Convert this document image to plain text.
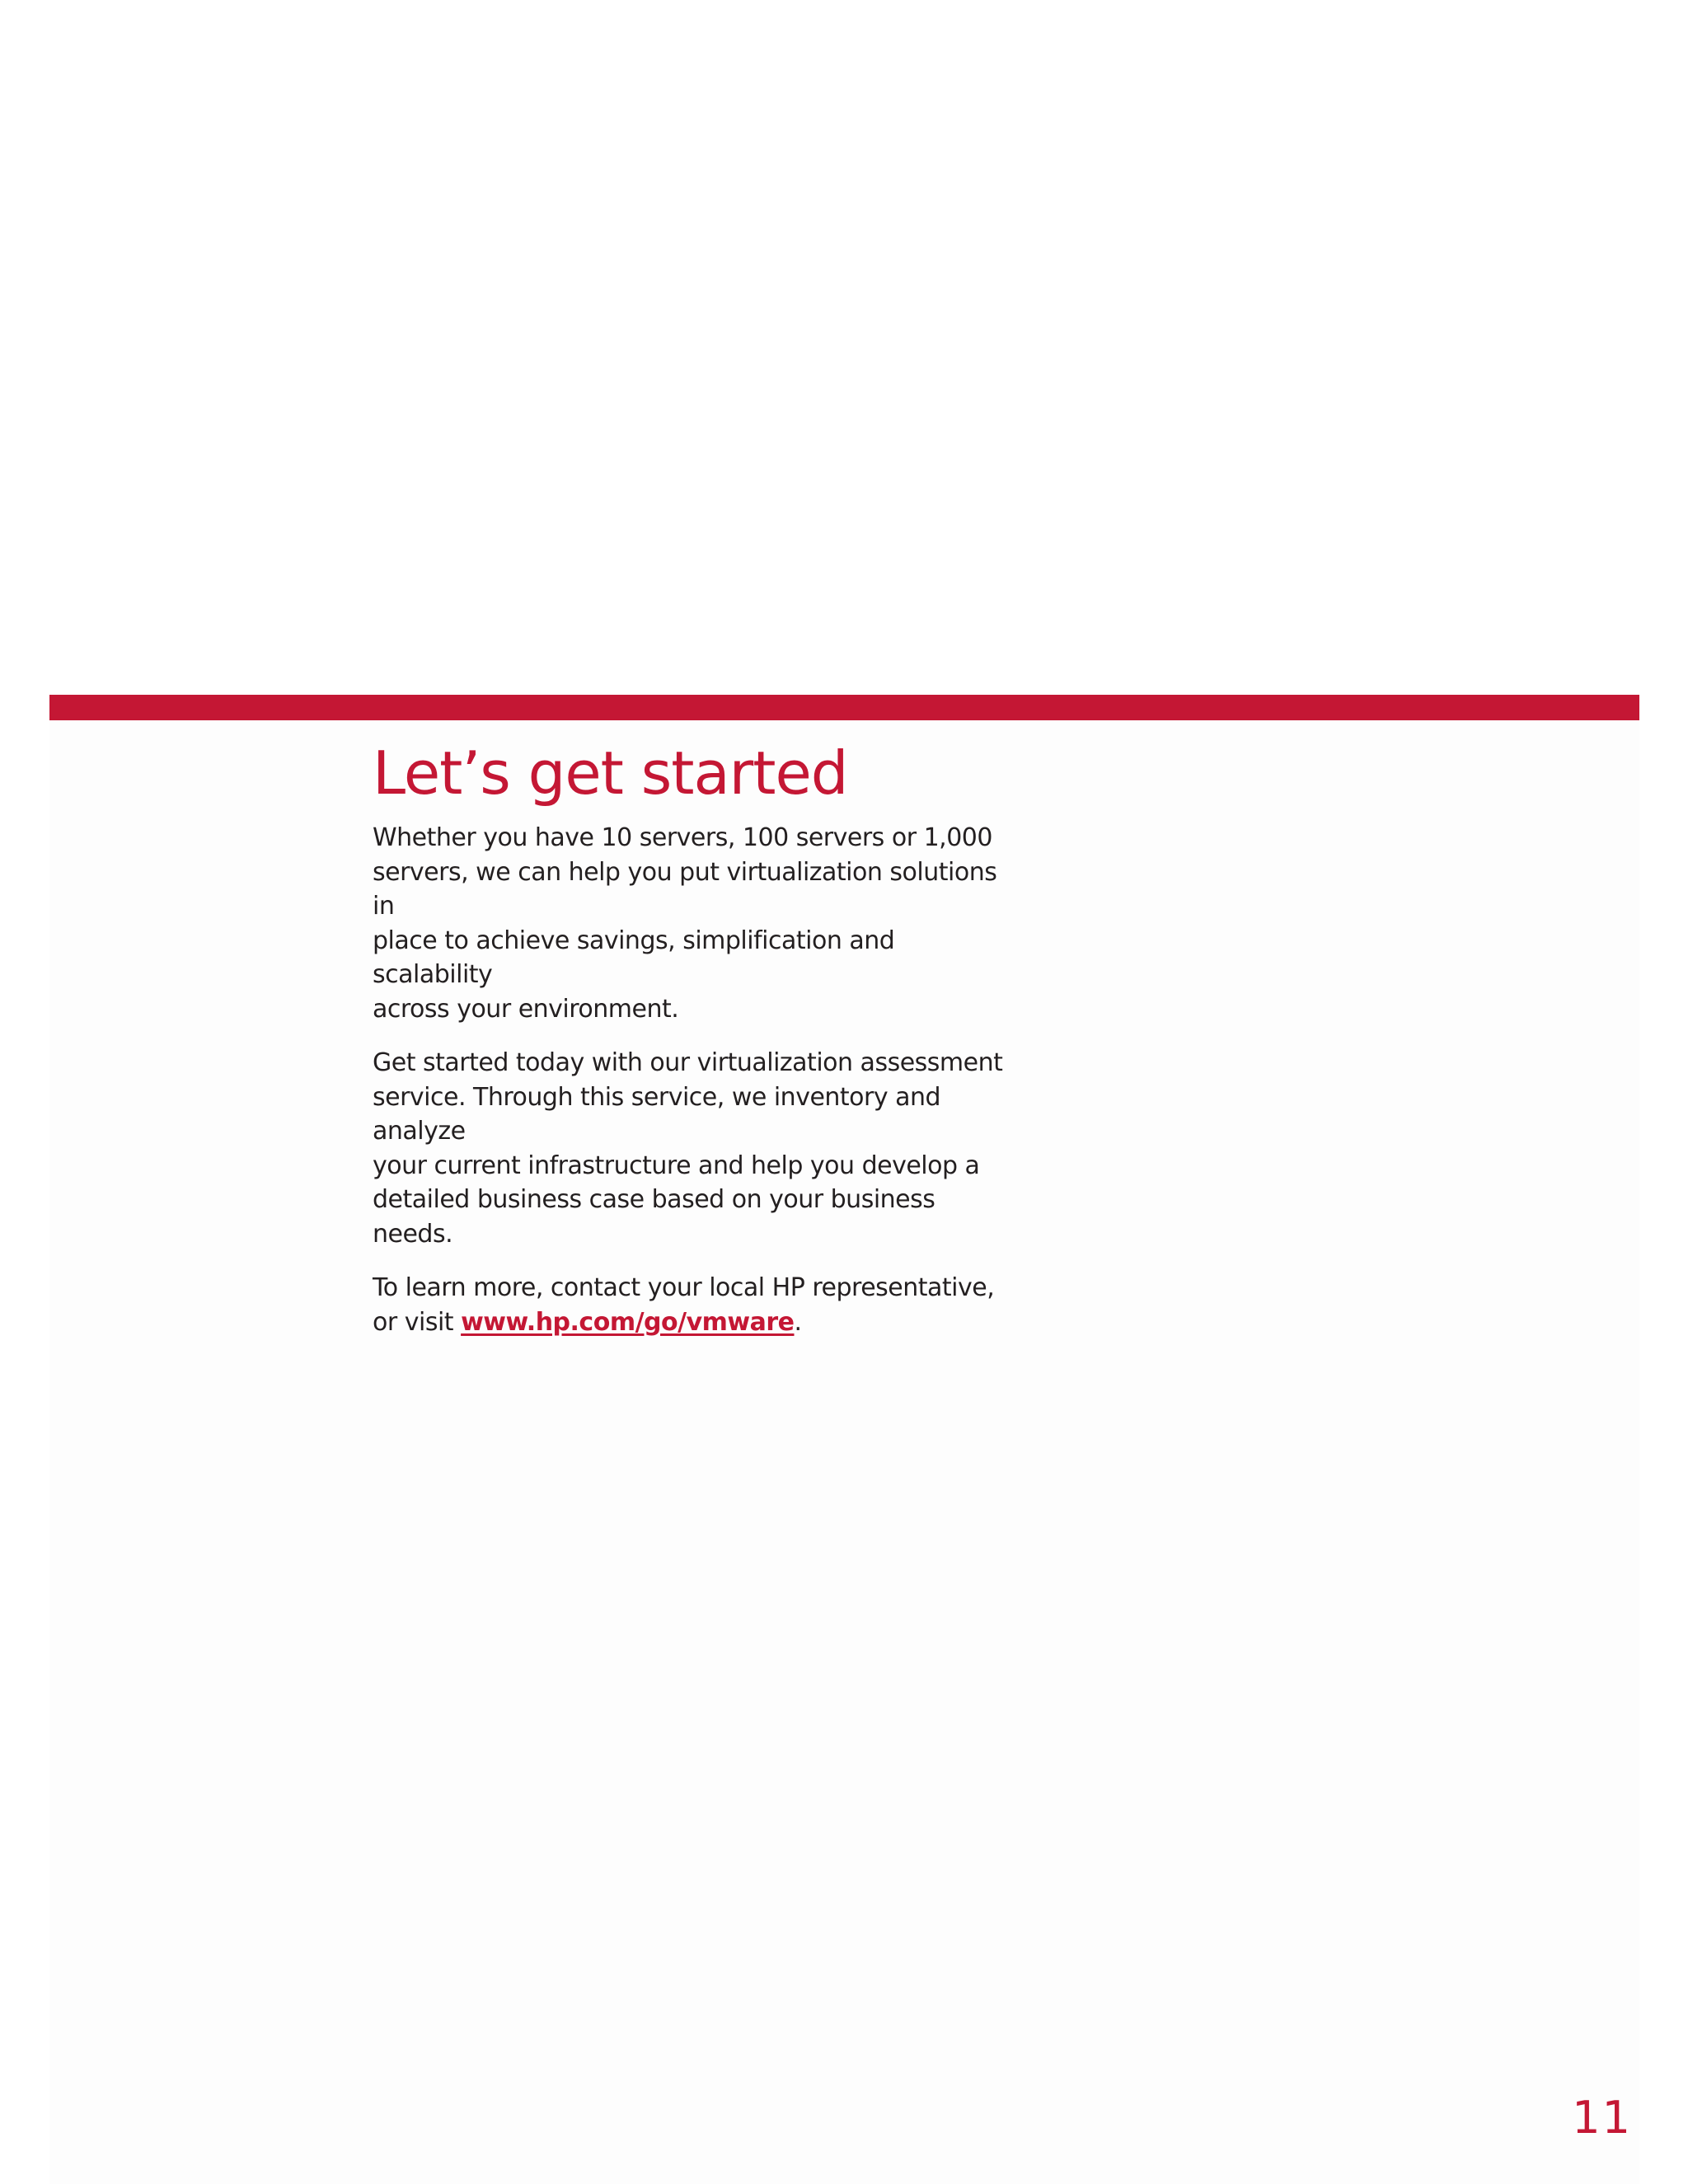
Let’s get started

Whether you have 10 servers, 100 servers or 1,000
servers, we can help you put virtualization solutions in
place to achieve savings, simplification and scalability
across your environment.

Get started today with our virtualization assessment
service. Through this service, we inventory and analyze
your current infrastructure and help you develop a
detailed business case based on your business needs.

To learn more, contact your local HP representative,
or visit www.hp.com/go/vmware.

11
